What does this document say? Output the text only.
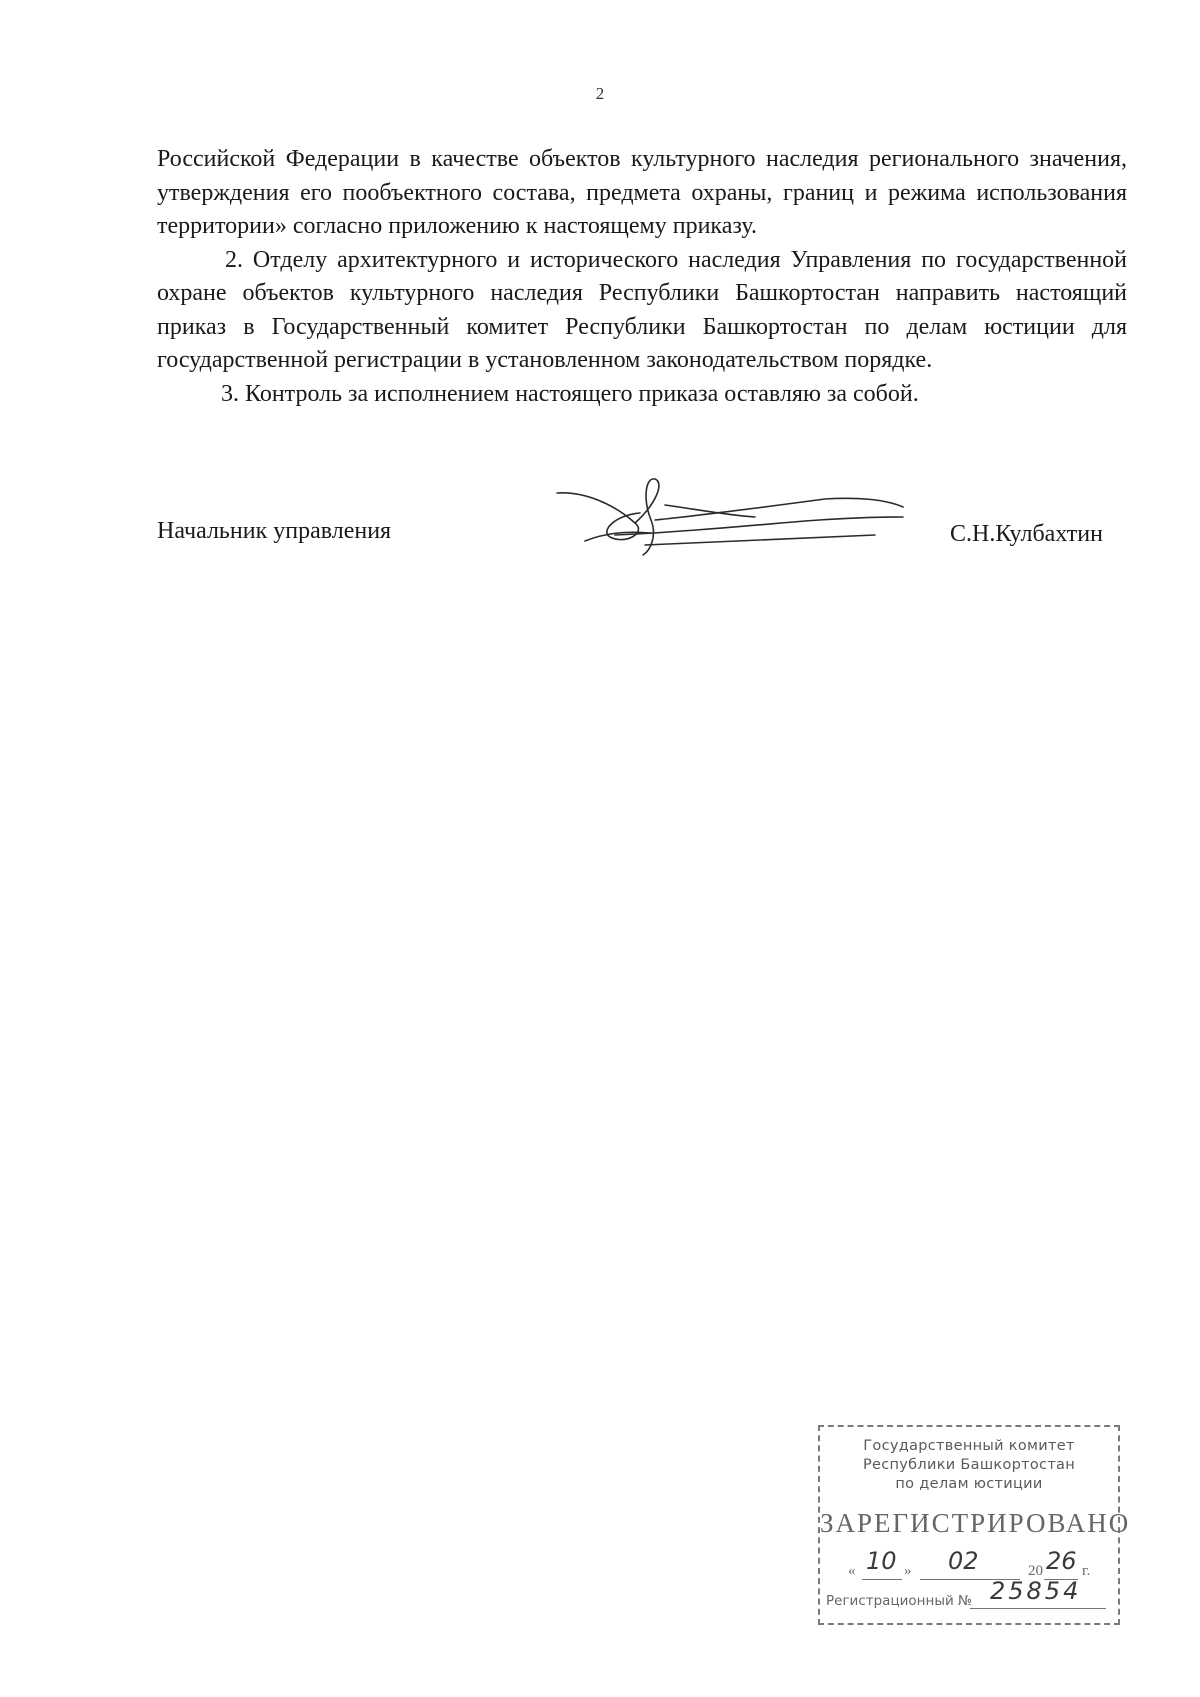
2

Российской Федерации в качестве объектов культурного наследия регионального значения, утверждения его пообъектного состава, предмета охраны, границ и режима использования территории» согласно приложению к настоящему приказу.

2. Отделу архитектурного и исторического наследия Управления по государственной охране объектов культурного наследия Республики Башкортостан направить настоящий приказ в Государственный комитет Республики Башкортостан по делам юстиции для государственной регистрации в установленном законодательством порядке.

3. Контроль за исполнением настоящего приказа оставляю за собой.

Начальник управления	С.Н.Кулбахтин
Государственный комитет
Республики Башкортостан
по делам юстиции
ЗАРЕГИСТРИРОВАНО
« 10 » 02	20 26 г.
Регистрационный № 25854
